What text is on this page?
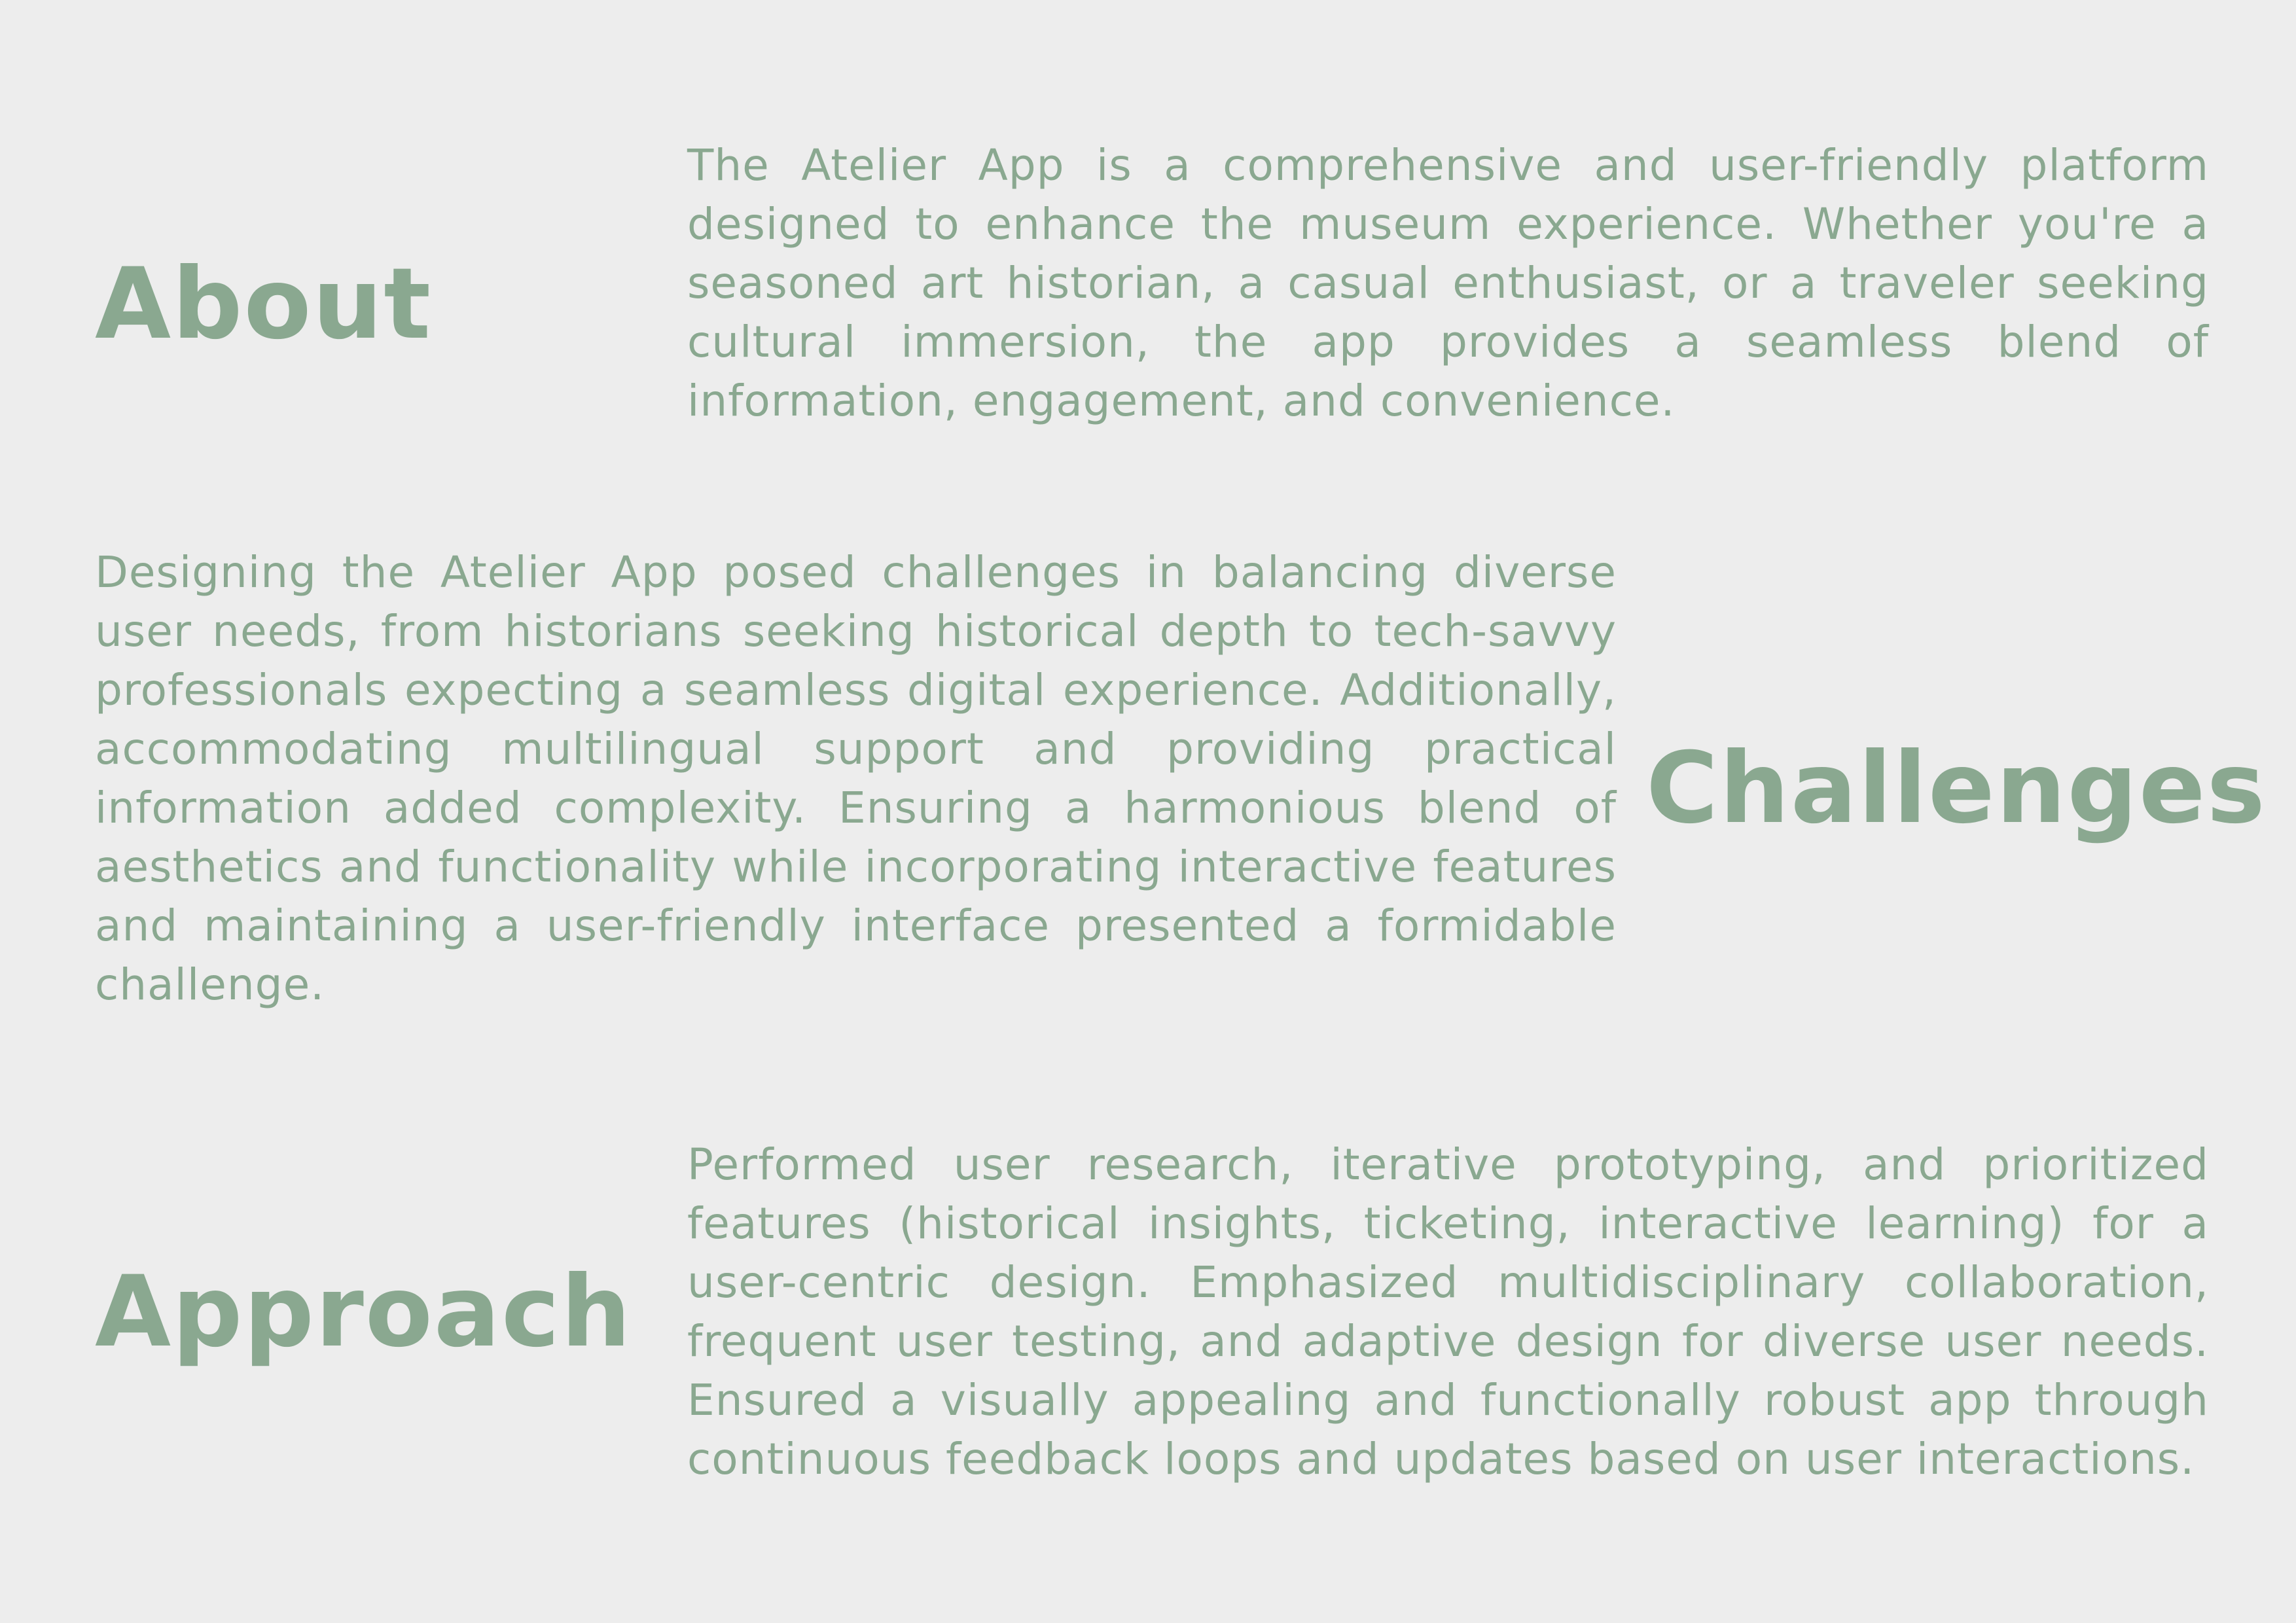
About

The Atelier App is a comprehensive and user-friendly platform designed to enhance the museum experience. Whether you're a seasoned art historian, a casual enthusiast, or a traveler seeking cultural immersion, the app provides a seamless blend of information, engagement, and convenience.

Designing the Atelier App posed challenges in balancing diverse user needs, from historians seeking historical depth to tech-savvy professionals expecting a seamless digital experience. Additionally, accommodating multilingual support and providing practical information added complexity. Ensuring a harmonious blend of aesthetics and functionality while incorporating interactive features and maintaining a user-friendly interface presented a formidable challenge.

Challenges
Approach

Performed user research, iterative prototyping, and prioritized features (historical insights, ticketing, interactive learning) for a user-centric design. Emphasized multidisciplinary collaboration, frequent user testing, and adaptive design for diverse user needs. Ensured a visually appealing and functionally robust app through continuous feedback loops and updates based on user interactions.
